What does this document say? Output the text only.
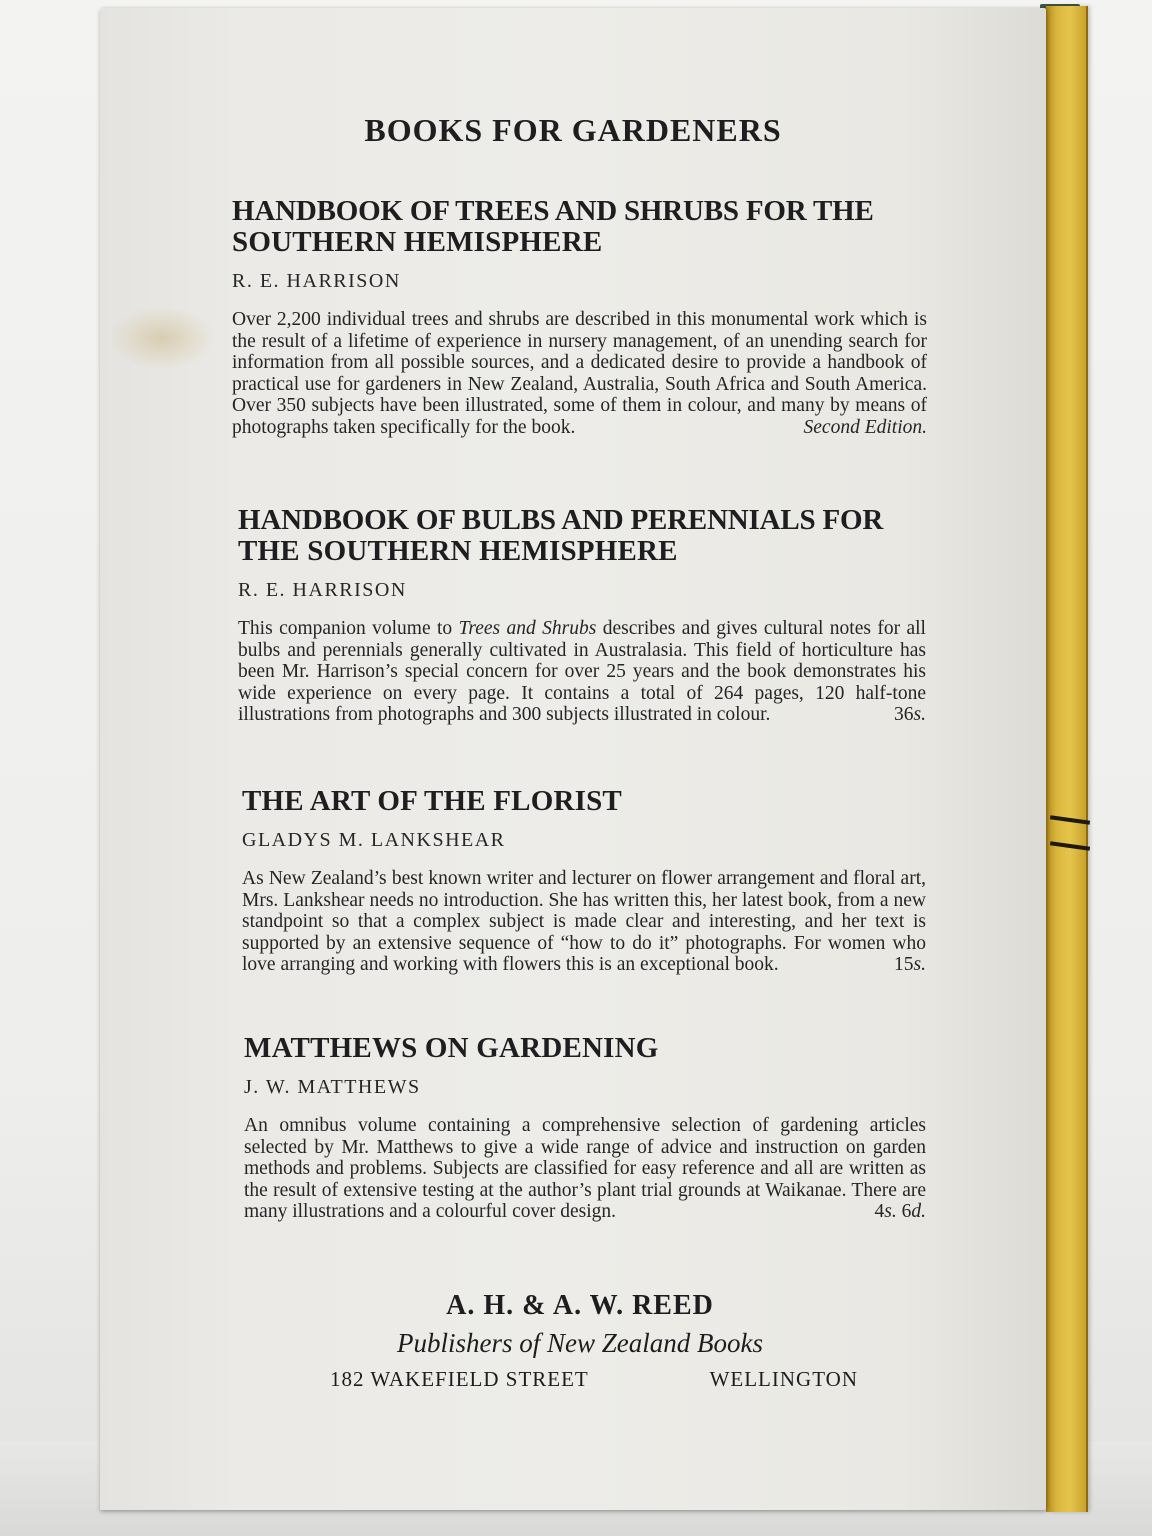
BOOKS FOR GARDENERS
HANDBOOK OF TREES AND SHRUBS FOR THE
SOUTHERN HEMISPHERE
R. E. HARRISON
Over 2,200 individual trees and shrubs are described in this monumental work which is the result of a lifetime of experience in nursery management, of an unending search for information from all possible sources, and a dedicated desire to provide a handbook of practical use for gardeners in New Zealand, Australia, South Africa and South America. Over 350 subjects have been illustrated, some of them in colour, and many by means of photographs taken specifically for the book.	Second Edition.
HANDBOOK OF BULBS AND PERENNIALS FOR
THE SOUTHERN HEMISPHERE
R. E. HARRISON
This companion volume to Trees and Shrubs describes and gives cultural notes for all bulbs and perennials generally cultivated in Australasia. This field of horticulture has been Mr. Harrison’s special concern for over 25 years and the book demonstrates his wide experience on every page. It contains a total of 264 pages, 120 half-tone illustrations from photographs and 300 subjects illustrated in colour.	36s.
THE ART OF THE FLORIST
GLADYS M. LANKSHEAR
As New Zealand’s best known writer and lecturer on flower arrangement and floral art, Mrs. Lankshear needs no introduction. She has written this, her latest book, from a new standpoint so that a complex subject is made clear and interesting, and her text is supported by an extensive sequence of “how to do it” photographs. For women who love arranging and working with flowers this is an exceptional book.	15s.
MATTHEWS ON GARDENING
J. W. MATTHEWS
An omnibus volume containing a comprehensive selection of gardening articles selected by Mr. Matthews to give a wide range of advice and instruction on garden methods and problems. Subjects are classified for easy reference and all are written as the result of extensive testing at the author’s plant trial grounds at Waikanae. There are many illustrations and a colourful cover design.	4s. 6d.
A. H. & A. W. REED
Publishers of New Zealand Books
182 WAKEFIELD STREET	WELLINGTON
